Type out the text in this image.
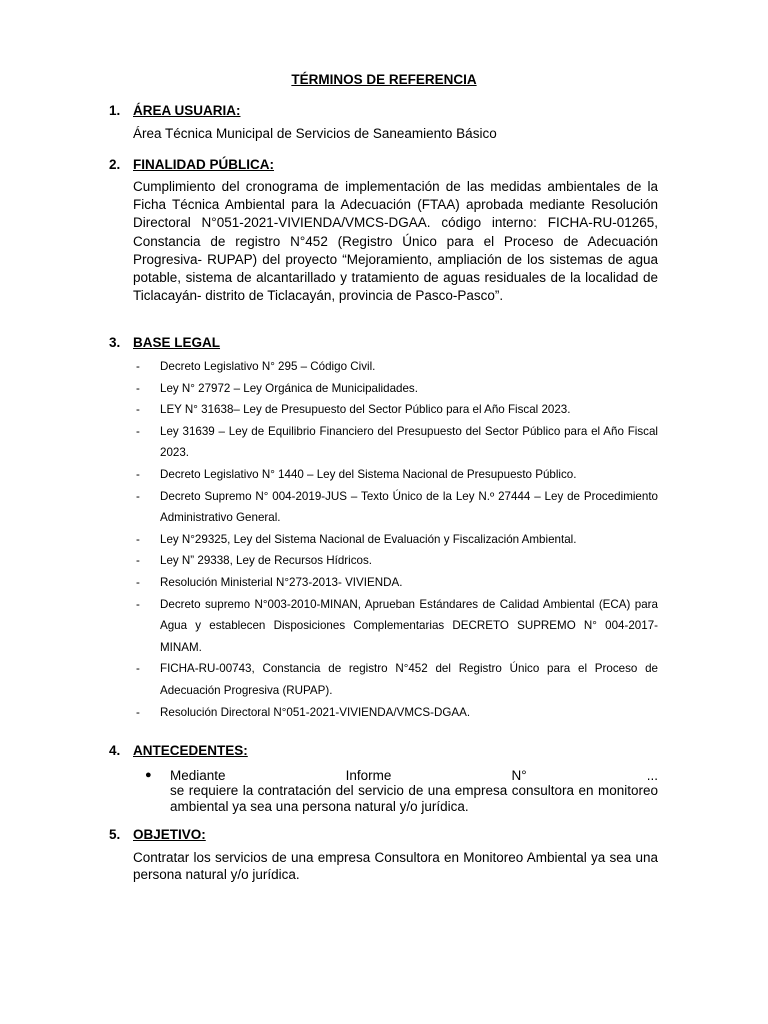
TÉRMINOS DE REFERENCIA
1. ÁREA USUARIA:
Área Técnica Municipal de Servicios de Saneamiento Básico
2. FINALIDAD PÚBLICA:
Cumplimiento del cronograma de implementación de las medidas ambientales de la Ficha Técnica Ambiental para la Adecuación (FTAA) aprobada mediante Resolución Directoral N°051-2021-VIVIENDA/VMCS-DGAA. código interno: FICHA-RU-01265, Constancia de registro N°452 (Registro Único para el Proceso de Adecuación Progresiva- RUPAP) del proyecto “Mejoramiento, ampliación de los sistemas de agua potable, sistema de alcantarillado y tratamiento de aguas residuales de la localidad de Ticlacayán- distrito de Ticlacayán, provincia de Pasco-Pasco”.
3. BASE LEGAL
- Decreto Legislativo N° 295 – Código Civil.
- Ley N° 27972 – Ley Orgánica de Municipalidades.
- LEY N° 31638– Ley de Presupuesto del Sector Público para el Año Fiscal 2023.
- Ley 31639 – Ley de Equilibrio Financiero del Presupuesto del Sector Público para el Año Fiscal 2023.
- Decreto Legislativo N° 1440 – Ley del Sistema Nacional de Presupuesto Público.
- Decreto Supremo N° 004-2019-JUS – Texto Único de la Ley N.º 27444 – Ley de Procedimiento Administrativo General.
- Ley N°29325, Ley del Sistema Nacional de Evaluación y Fiscalización Ambiental.
- Ley N” 29338, Ley de Recursos Hídricos.
- Resolución Ministerial N°273-2013- VIVIENDA.
- Decreto supremo N°003-2010-MINAN, Aprueban Estándares de Calidad Ambiental (ECA) para Agua y establecen Disposiciones Complementarias DECRETO SUPREMO N° 004-2017-MINAM.
- FICHA-RU-00743, Constancia de registro N°452 del Registro Único para el Proceso de Adecuación Progresiva (RUPAP).
- Resolución Directoral N°051-2021-VIVIENDA/VMCS-DGAA.
4. ANTECEDENTES:
● Mediante	Informe	N°	...
se requiere la contratación del servicio de una empresa consultora en monitoreo ambiental ya sea una persona natural y/o jurídica.
5. OBJETIVO:
Contratar los servicios de una empresa Consultora en Monitoreo Ambiental ya sea una persona natural y/o jurídica.
